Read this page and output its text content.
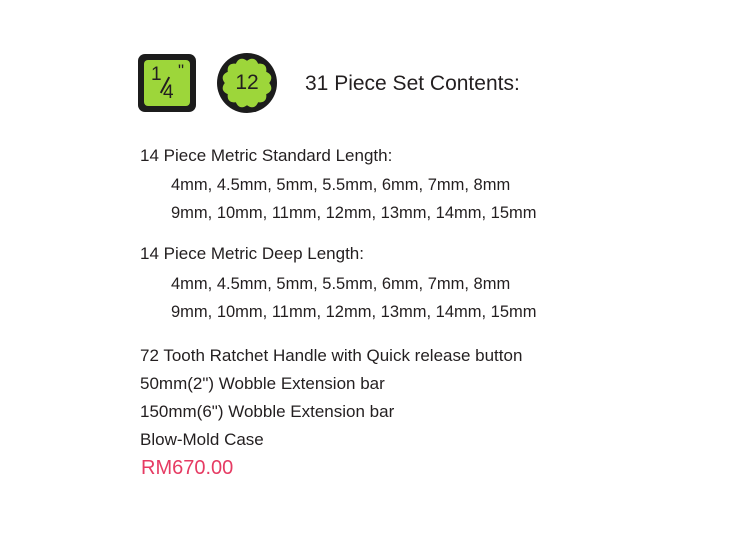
1
4
"
12	31 Piece Set Contents:
14 Piece Metric Standard Length:
4mm, 4.5mm, 5mm, 5.5mm, 6mm, 7mm, 8mm
9mm, 10mm, 11mm, 12mm, 13mm, 14mm, 15mm
14 Piece Metric Deep Length:
4mm, 4.5mm, 5mm, 5.5mm, 6mm, 7mm, 8mm
9mm, 10mm, 11mm, 12mm, 13mm, 14mm, 15mm
72 Tooth Ratchet Handle with Quick release button
50mm(2") Wobble Extension bar
150mm(6") Wobble Extension bar
Blow-Mold Case
RM670.00
